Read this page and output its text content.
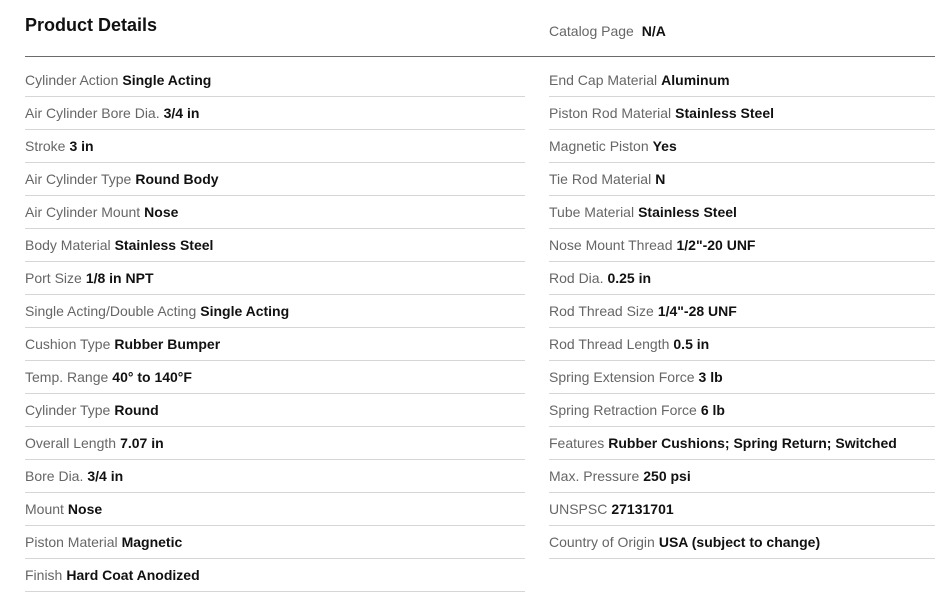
Product Details	Catalog Page N/A
Cylinder Action Single Acting
Air Cylinder Bore Dia. 3/4 in
Stroke 3 in
Air Cylinder Type Round Body
Air Cylinder Mount Nose
Body Material Stainless Steel
Port Size 1/8 in NPT
Single Acting/Double Acting Single Acting
Cushion Type Rubber Bumper
Temp. Range 40° to 140°F
Cylinder Type Round
Overall Length 7.07 in
Bore Dia. 3/4 in
Mount Nose
Piston Material Magnetic
Finish Hard Coat Anodized
End Cap Material Aluminum
Piston Rod Material Stainless Steel
Magnetic Piston Yes
Tie Rod Material N
Tube Material Stainless Steel
Nose Mount Thread 1/2"-20 UNF
Rod Dia. 0.25 in
Rod Thread Size 1/4"-28 UNF
Rod Thread Length 0.5 in
Spring Extension Force 3 lb
Spring Retraction Force 6 lb
Features Rubber Cushions; Spring Return; Switched
Max. Pressure 250 psi
UNSPSC 27131701
Country of Origin USA (subject to change)
